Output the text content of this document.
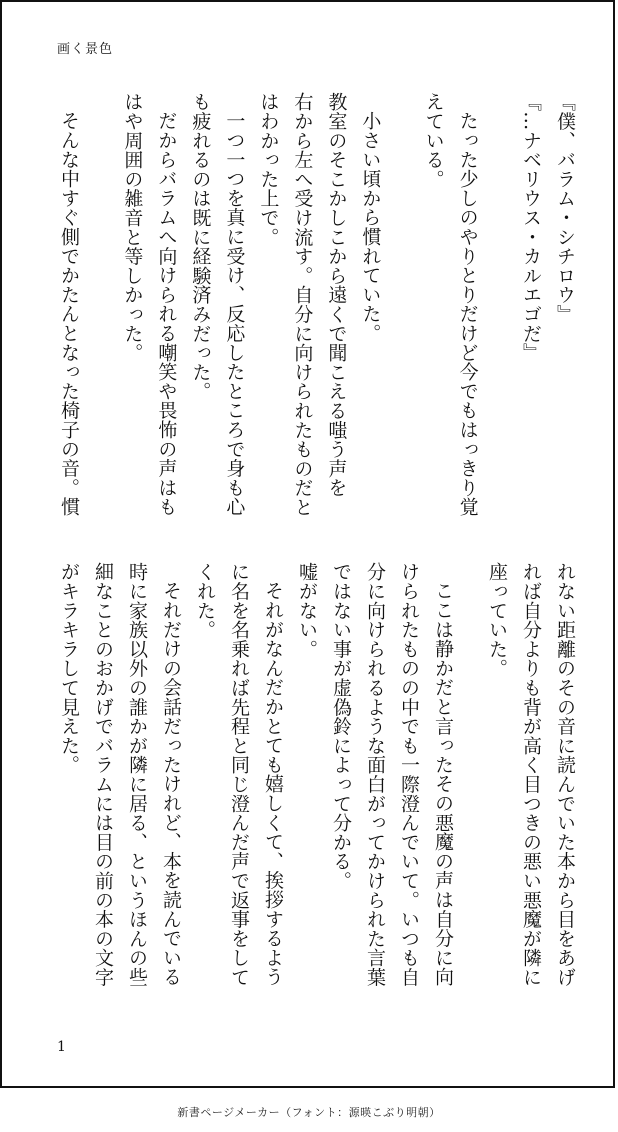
画く景色
『僕、バラム・シチロウ』
『…ナベリウス・カルエゴだ』
たった少しのやりとりだけど今でもはっきり覚
えている。
小さい頃から慣れていた。
教室のそこかしこから遠くで聞こえる嗤う声を
右から左へ受け流す。自分に向けられたものだと
はわかった上で。
一つ一つを真に受け、反応したところで身も心
も疲れるのは既に経験済みだった。
だからバラムへ向けられる嘲笑や畏怖の声はも
はや周囲の雑音と等しかった。
そんな中すぐ側でかたんとなった椅子の音。慣
れない距離のその音に読んでいた本から目をあげ
れば自分よりも背が高く目つきの悪い悪魔が隣に
座っていた。
ここは静かだと言ったその悪魔の声は自分に向
けられたものの中でも一際澄んでいて。いつも自
分に向けられるような面白がってかけられた言葉
ではない事が虚偽鈴によって分かる。
嘘がない。
それがなんだかとても嬉しくて、挨拶するよう
に名を名乗れば先程と同じ澄んだ声で返事をして
くれた。
それだけの会話だったけれど、本を読んでいる
時に家族以外の誰かが隣に居る、というほんの些
細なことのおかげでバラムには目の前の本の文字
がキラキラして見えた。
1
新書ページメーカー（フォント：源暎こぶり明朝）
